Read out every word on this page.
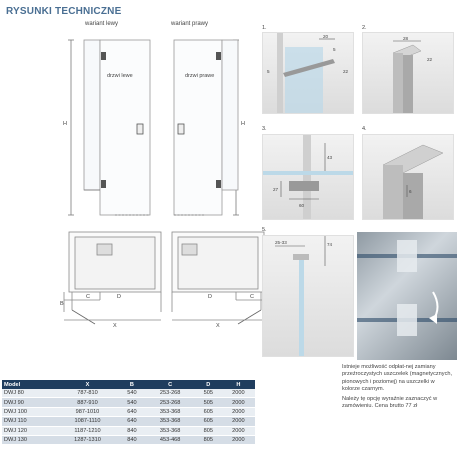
RYSUNKI TECHNICZNE
wariant lewy	wariant prawy
H	H
drzwi lewe	drzwi prawe
B
C	D
X
C
D
X
1.
20
5	22
5
2.
28
22
3.
43
27
60
4.
6
5.
25-33	74

Istnieje możliwość odpłat-nej zamiany przeźroczystych uszczelek (magnetycznych, pionowych i poziomej) na uszczelki w kolorze czarnym.

Należy tę opcję wyraźnie zaznaczyć w zamówieniu. Cena brutto 77 zł

Model	X	B	C	D	H
DWJ 80	787-810	540	253-268	505	2000
DWJ 90	887-910	540	253-268	505	2000
DWJ 100	987-1010	640	353-368	605	2000
DWJ 110	1087-1110	640	353-368	605	2000
DWJ 120	1187-1210	840	353-368	805	2000
DWJ 130	1287-1310	840	453-468	805	2000
